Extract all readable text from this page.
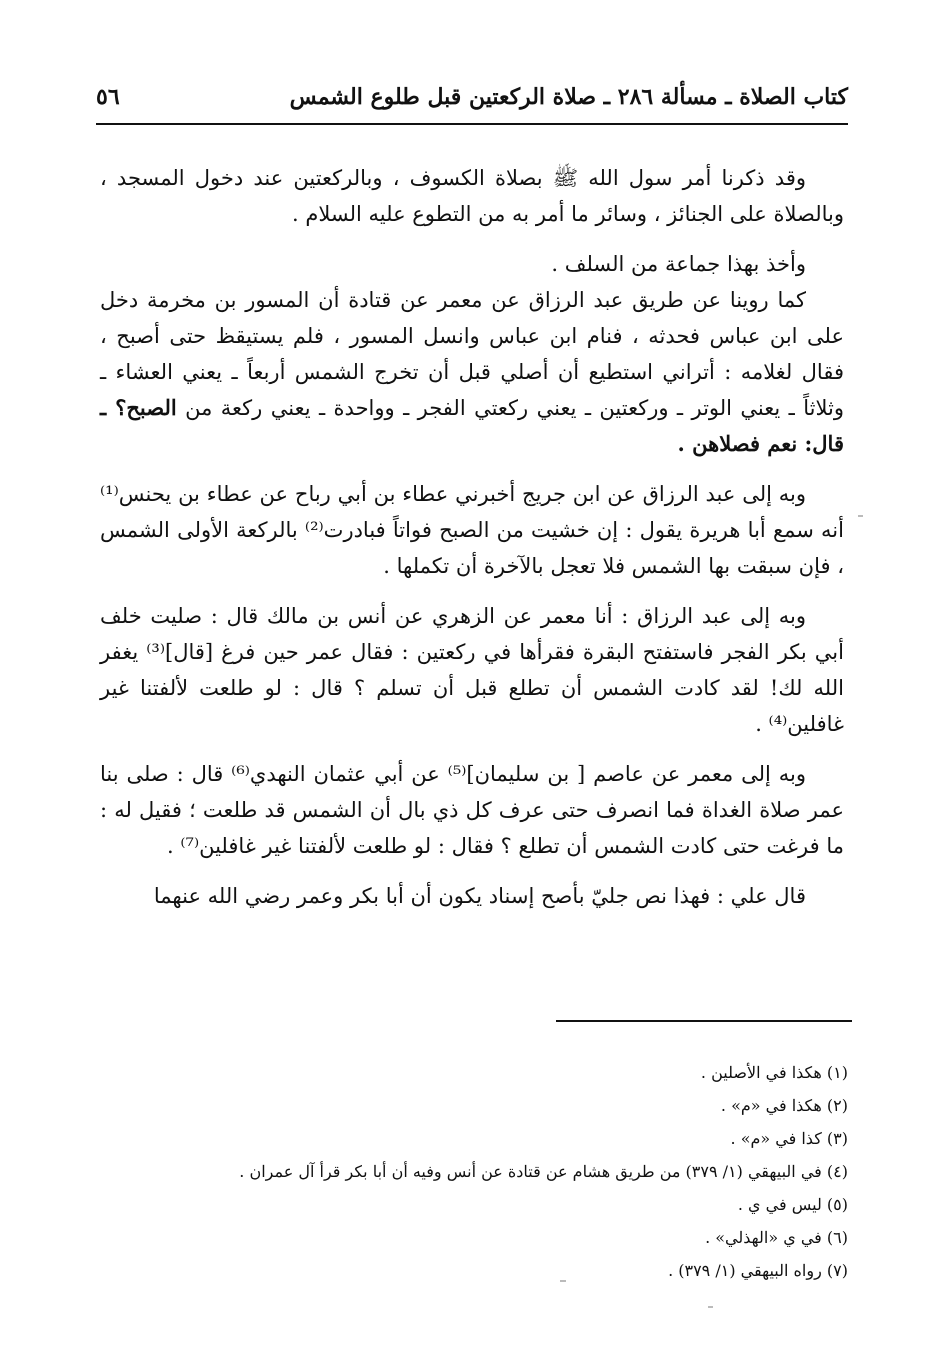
كتاب الصلاة ـ مسألة ٢٨٦ ـ صلاة الركعتين قبل طلوع الشمس
٥٦

وقد ذكرنا أمر سول الله ﷺ بصلاة الكسوف ، وبالركعتين عند دخول المسجد ، وبالصلاة على الجنائز ، وسائر ما أمر به من التطوع عليه السلام .

وأخذ بهذا جماعة من السلف .

كما روينا عن طريق عبد الرزاق عن معمر عن قتادة أن المسور بن مخرمة دخل على ابن عباس فحدثه ، فنام ابن عباس وانسل المسور ، فلم يستيقظ حتى أصبح ، فقال لغلامه : أتراني استطيع أن أصلي قبل أن تخرج الشمس أربعاً ـ يعني العشاء ـ وثلاثاً ـ يعني الوتر ـ وركعتين ـ يعني ركعتي الفجر ـ وواحدة ـ يعني ركعة من الصبح؟ ـ قال: نعم فصلاهن .

وبه إلى عبد الرزاق عن ابن جريج أخبرني عطاء بن أبي رباح عن عطاء بن يحنس⁽¹⁾ أنه سمع أبا هريرة يقول : إن خشيت من الصبح فواتاً فبادرت⁽²⁾ بالركعة الأولى الشمس ، فإن سبقت بها الشمس فلا تعجل بالآخرة أن تكملها .

وبه إلى عبد الرزاق : أنا معمر عن الزهري عن أنس بن مالك قال : صليت خلف أبي بكر الفجر فاستفتح البقرة فقرأها في ركعتين : فقال عمر حين فرغ [قال]⁽³⁾ يغفر الله لك! لقد كادت الشمس أن تطلع قبل أن تسلم ؟ قال : لو طلعت لألفتنا غير غافلين⁽⁴⁾ .

وبه إلى معمر عن عاصم [ بن سليمان]⁽⁵⁾ عن أبي عثمان النهدي⁽⁶⁾ قال : صلى بنا عمر صلاة الغداة فما انصرف حتى عرف كل ذي بال أن الشمس قد طلعت ؛ فقيل له : ما فرغت حتى كادت الشمس أن تطلع ؟ فقال : لو طلعت لألفتنا غير غافلين⁽⁷⁾ .

قال علي : فهذا نص جليّ بأصح إسناد يكون أن أبا بكر وعمر رضي الله عنهما

(١) هكذا في الأصلين .

(٢) هكذا في «م» .

(٣) كذا في «م» .

(٤) في البيهقي (١/ ٣٧٩) من طريق هشام عن قتادة عن أنس وفيه أن أبا بكر قرأ آل عمران .

(٥) ليس في ي .

(٦) في ي «الهذلي» .

(٧) رواه البيهقي (١/ ٣٧٩) .
